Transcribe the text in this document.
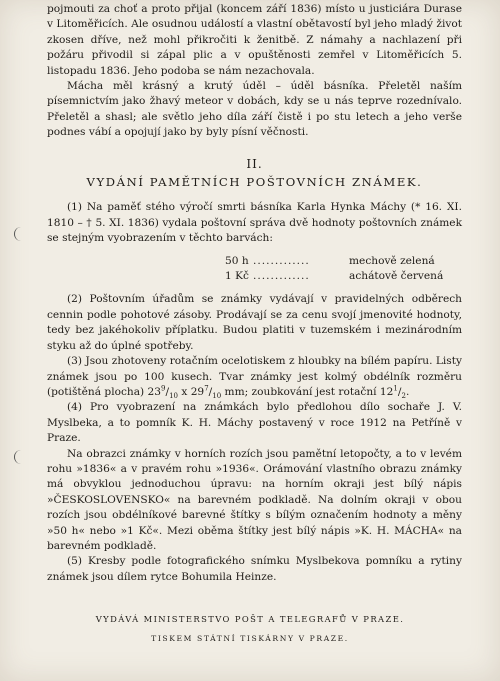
pojmouti za choť a proto přijal (koncem září 1836) místo u justiciára Durase v Litoměřicích. Ale osudnou událostí a vlastní obětavostí byl jeho mladý život zkosen dříve, než mohl přikročiti k ženitbě. Z námahy a nachlazení při požáru přivodil si zápal plic a v opuštěnosti zemřel v Litoměřicích 5. listopadu 1836. Jeho podoba se nám nezachovala.

Mácha měl krásný a krutý úděl – úděl básníka. Přeletěl naším písemnictvím jako žhavý meteor v dobách, kdy se u nás teprve rozednívalo. Přeletěl a shasl; ale světlo jeho díla září čistě i po stu letech a jeho verše podnes vábí a opojují jako by byly písní věčnosti.

II.
VYDÁNÍ PAMĚTNÍCH POŠTOVNÍCH ZNÁMEK.

(1) Na paměť stého výročí smrti básníka Karla Hynka Máchy (* 16. XI. 1810 – † 5. XI. 1836) vydala poštovní správa dvě hodnoty poštovních známek se stejným vyobrazením v těchto barvách:

50 h .............	mechově zelená
1 Kč .............	achátově červená

(2) Poštovním úřadům se známky vydávají v pravidelných odběrech cennin podle pohotové zásoby. Prodávají se za cenu svojí jmenovité hodnoty, tedy bez jakéhokoliv příplatku. Budou platiti v tuzemském i mezinárodním styku až do úplné spotřeby.

(3) Jsou zhotoveny rotačním ocelotiskem z hloubky na bílém papíru. Listy známek jsou po 100 kusech. Tvar známky jest kolmý obdélník rozměru (potištěná plocha) $23^9/_{10}$ x $29^7/_{10}$ mm; zoubkování jest rotační $12^1/_2$.

(4) Pro vyobrazení na známkách bylo předlohou dílo sochaře J. V. Myslbeka, a to pomník K. H. Máchy postavený v roce 1912 na Petříně v Praze.

Na obrazci známky v horních rozích jsou pamětní letopočty, a to v levém rohu »1836« a v pravém rohu »1936«. Orámování vlastního obrazu známky má obvyklou jednoduchou úpravu: na horním okraji jest bílý nápis »ČESKOSLOVENSKO« na barevném podkladě. Na dolním okraji v obou rozích jsou obdélníkové barevné štítky s bílým označením hodnoty a měny »50 h« nebo »1 Kč«. Mezi oběma štítky jest bílý nápis »K. H. MÁCHA« na barevném podkladě.

(5) Kresby podle fotografického snímku Myslbekova pomníku a rytiny známek jsou dílem rytce Bohumila Heinze.

VYDÁVÁ MINISTERSTVO POŠT A TELEGRAFŮ V PRAZE.
TISKEM STÁTNÍ TISKÁRNY V PRAZE.
